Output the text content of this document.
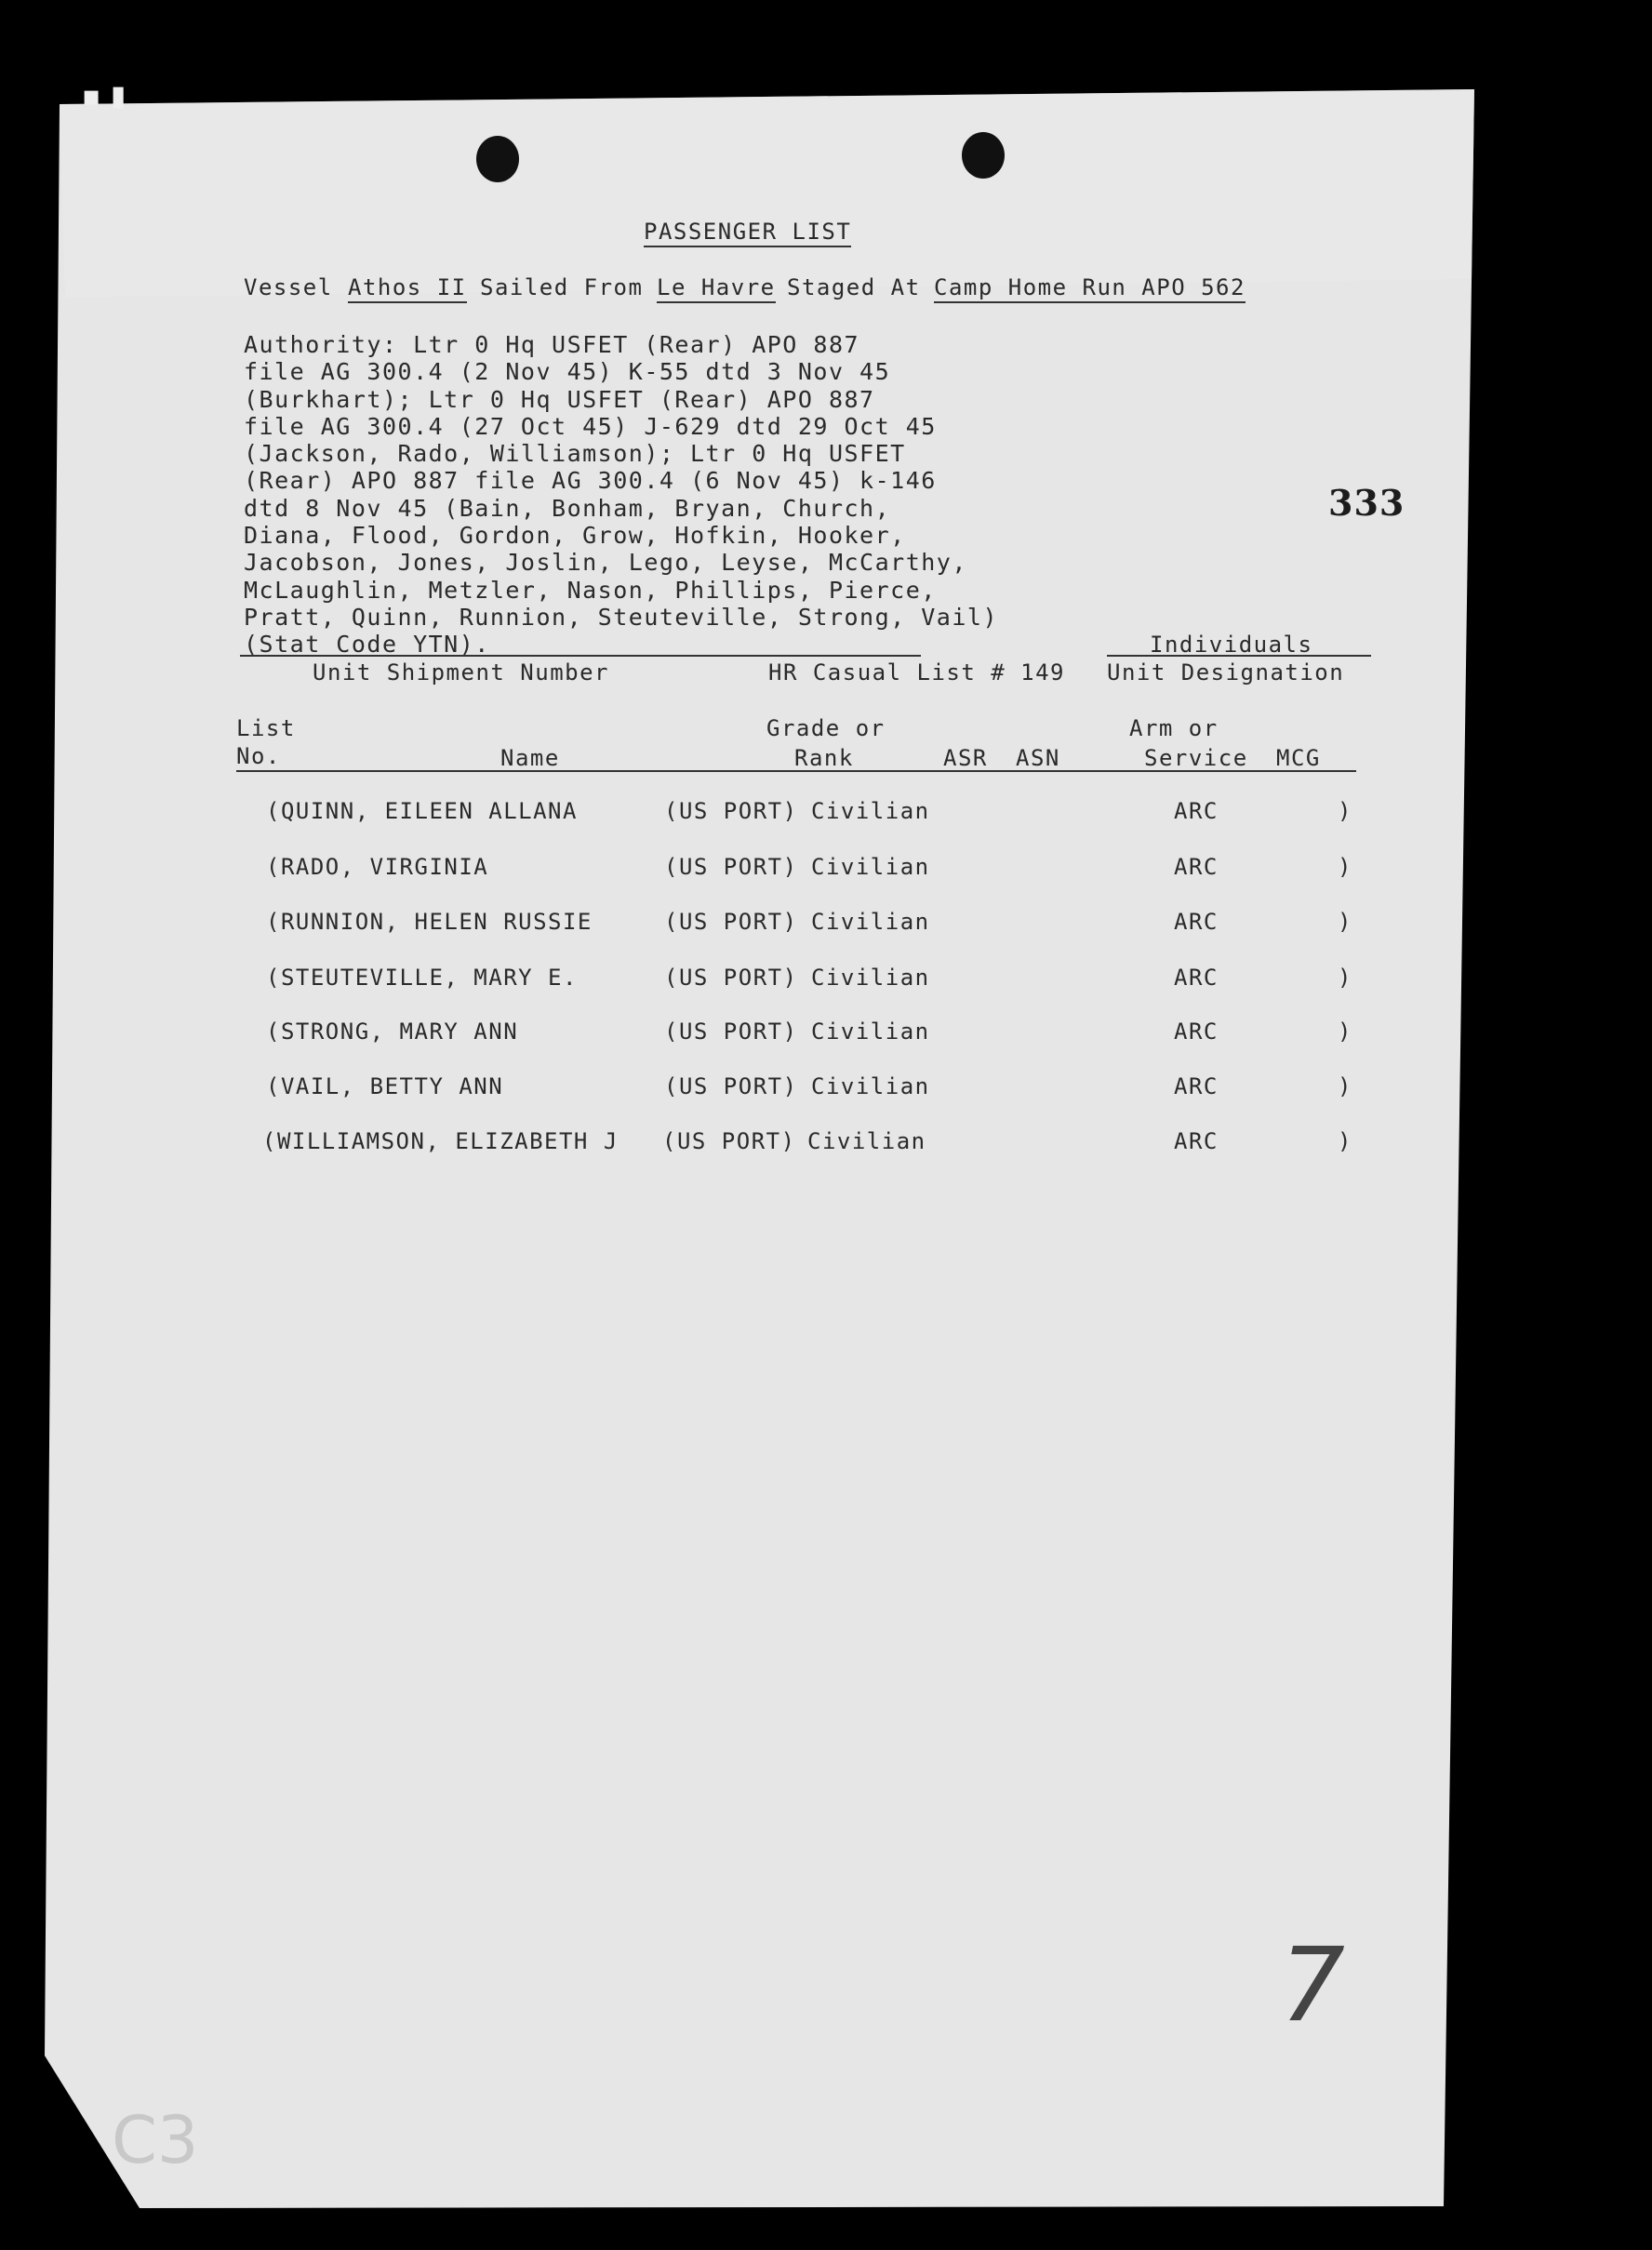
▪ ▮
PASSENGER LIST
Vessel Athos II Sailed From Le Havre Staged At Camp Home Run APO 562
Authority: Ltr 0 Hq USFET (Rear) APO 887
file AG 300.4 (2 Nov 45) K-55 dtd 3 Nov 45
(Burkhart); Ltr 0 Hq USFET (Rear) APO 887
file AG 300.4 (27 Oct 45) J-629 dtd 29 Oct 45
(Jackson, Rado, Williamson); Ltr 0 Hq USFET
(Rear) APO 887 file AG 300.4 (6 Nov 45) k-146
dtd 8 Nov 45 (Bain, Bonham, Bryan, Church,
Diana, Flood, Gordon, Grow, Hofkin, Hooker,
Jacobson, Jones, Joslin, Lego, Leyse, McCarthy,
McLaughlin, Metzler, Nason, Phillips, Pierce,
Pratt, Quinn, Runnion, Steuteville, Strong, Vail)
(Stat Code YTN).
333
Individuals
Unit Shipment Number	HR Casual List # 149 Unit Designation
List
No.	Name
Grade or
Rank	ASR ASN
Arm or
Service MCG
(QUINN, EILEEN ALLANA	(US PORT) Civilian	ARC	)
(RADO, VIRGINIA	(US PORT) Civilian	ARC	)
(RUNNION, HELEN RUSSIE	(US PORT) Civilian	ARC	)
(STEUTEVILLE, MARY E.	(US PORT) Civilian	ARC	)
(STRONG, MARY ANN	(US PORT) Civilian	ARC	)
(VAIL, BETTY ANN	(US PORT) Civilian	ARC	)
(WILLIAMSON, ELIZABETH J (US PORT) Civilian	ARC	)
7
C3
